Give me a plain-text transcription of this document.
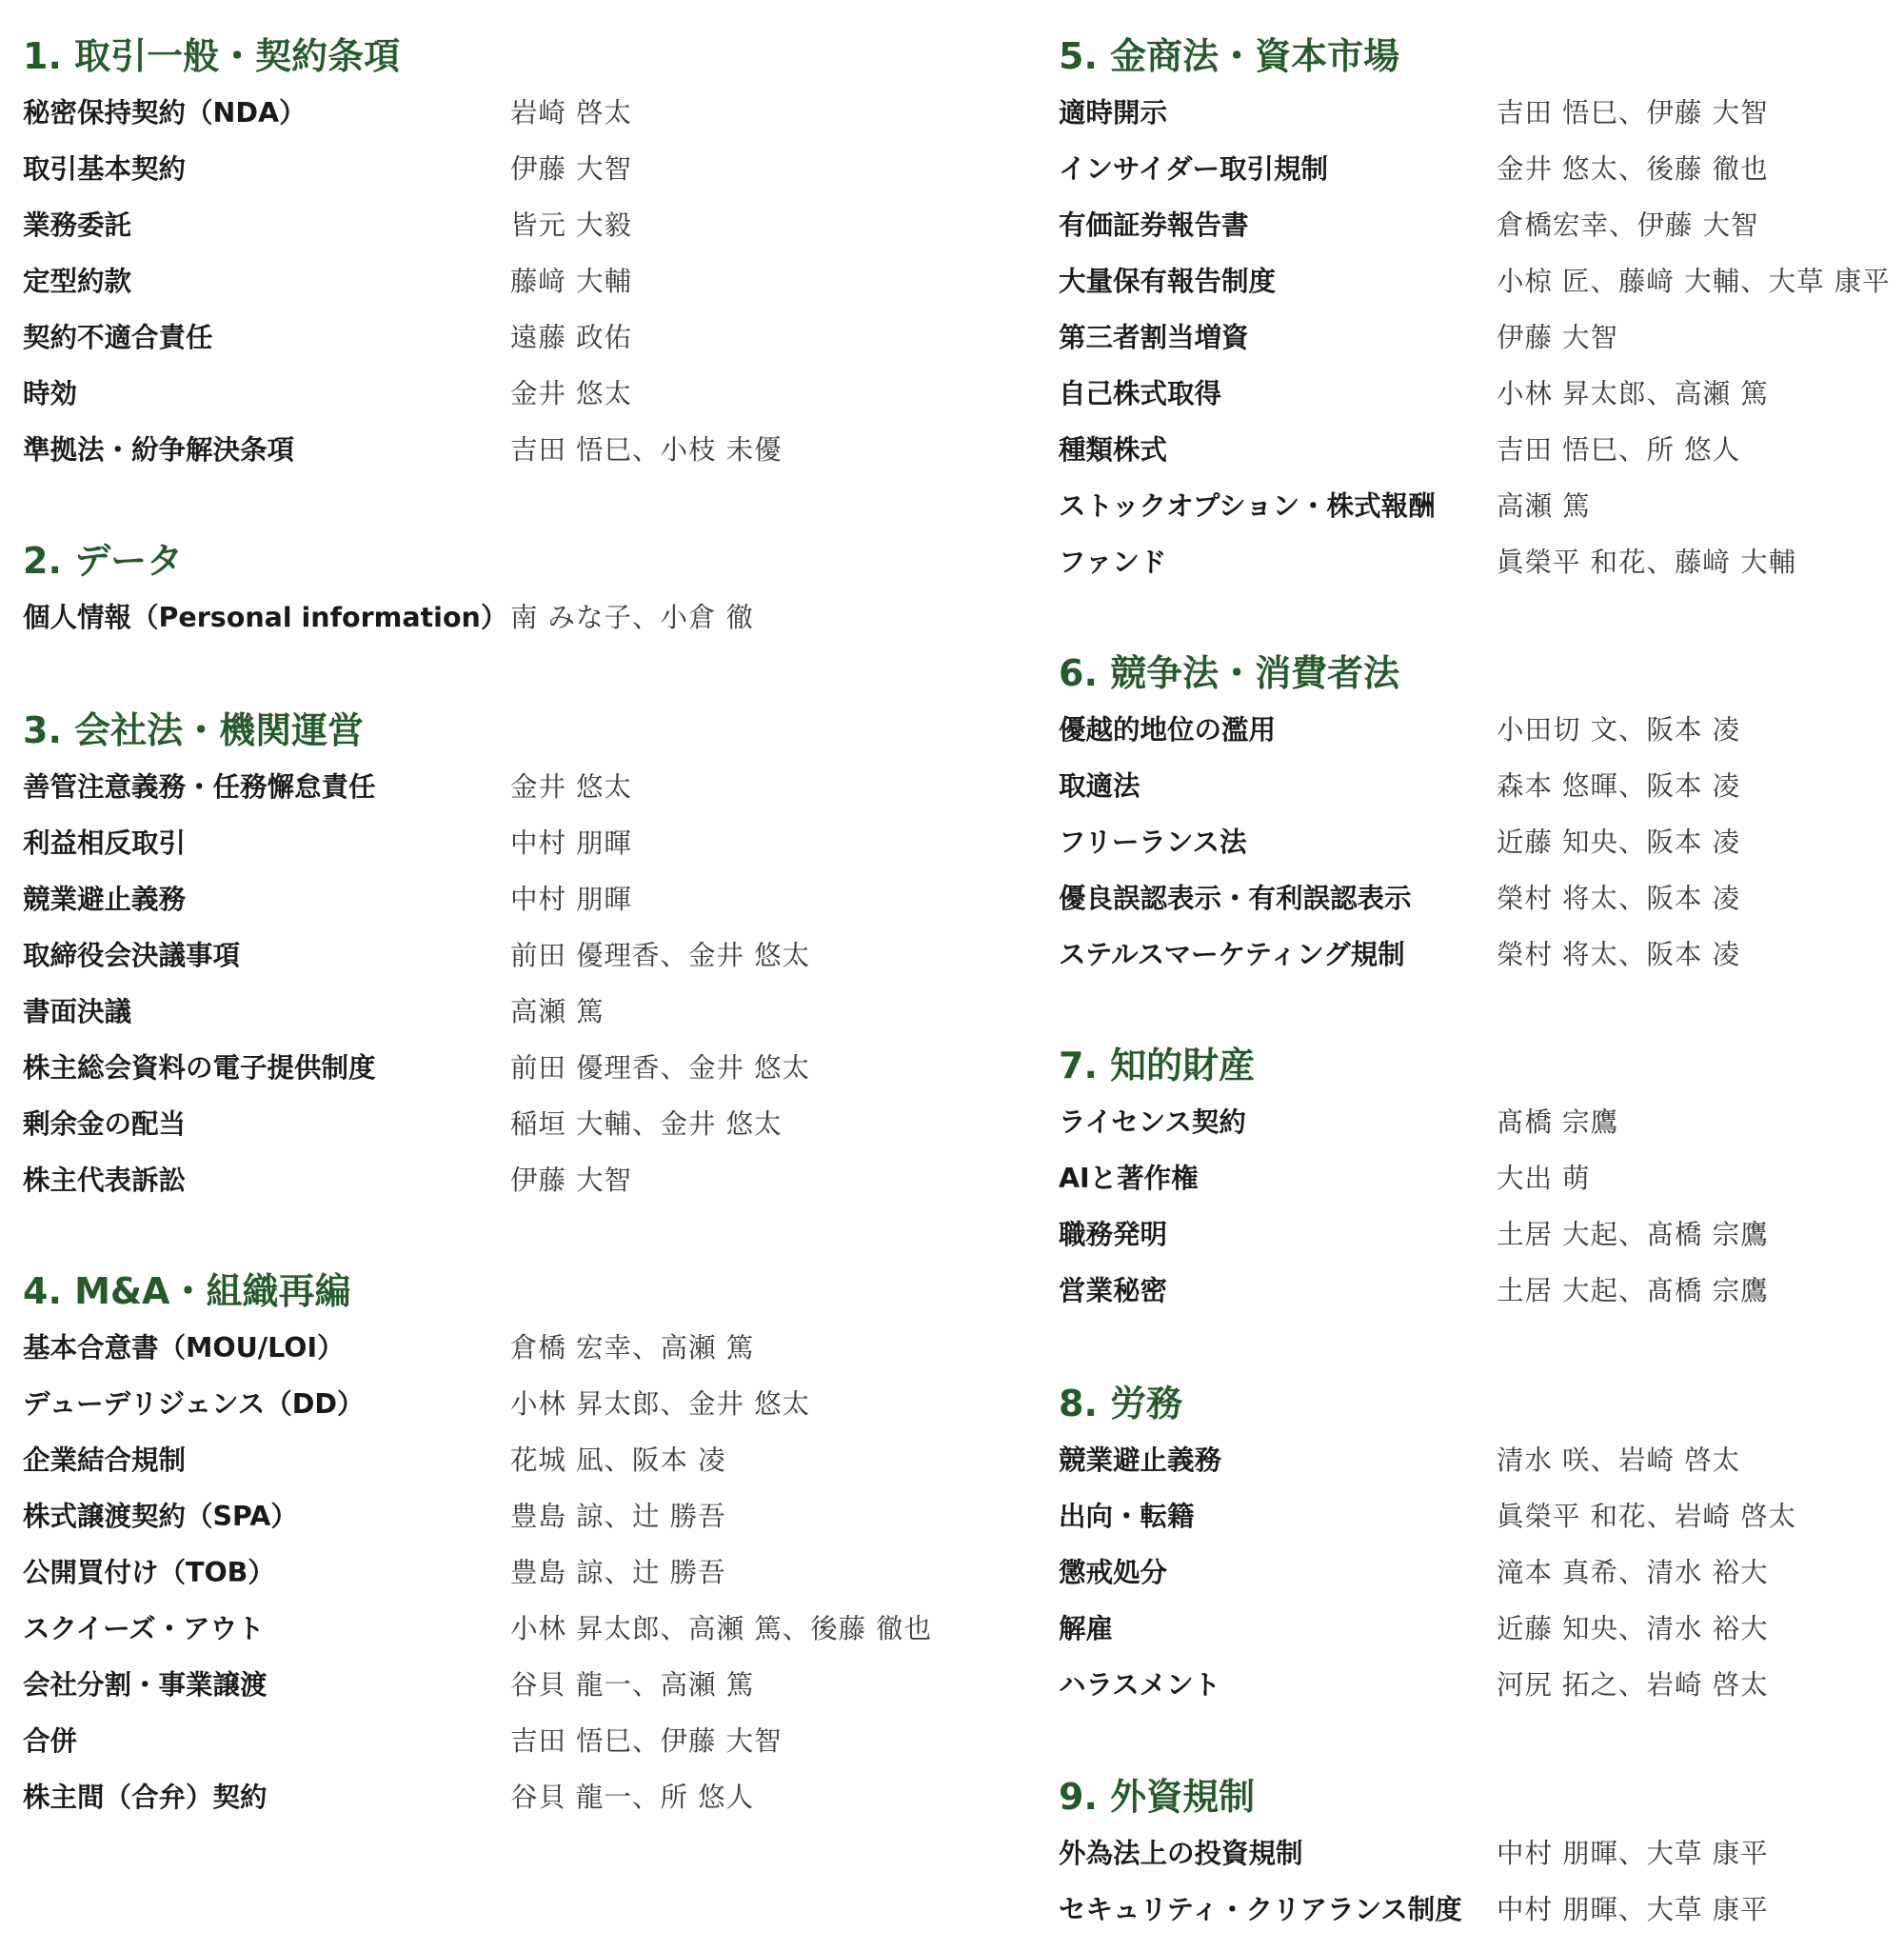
1. 取引一般・契約条項
秘密保持契約（NDA）	岩崎 啓太
取引基本契約	伊藤 大智
業務委託	皆元 大毅
定型約款	藤﨑 大輔
契約不適合責任	遠藤 政佑
時効	金井 悠太
準拠法・紛争解決条項	吉田 悟巳、小枝 未優
2. データ
個人情報（Personal information） 南 みな子、小倉 徹
3. 会社法・機関運営
善管注意義務・任務懈怠責任	金井 悠太
利益相反取引	中村 朋暉
競業避止義務	中村 朋暉
取締役会決議事項	前田 優理香、金井 悠太
書面決議	高瀬 篤
株主総会資料の電子提供制度	前田 優理香、金井 悠太
剰余金の配当	稲垣 大輔、金井 悠太
株主代表訴訟	伊藤 大智
4. M&A・組織再編
基本合意書（MOU/LOI）	倉橋 宏幸、高瀬 篤
デューデリジェンス（DD）	小林 昇太郎、金井 悠太
企業結合規制	花城 凪、阪本 凌
株式譲渡契約（SPA）	豊島 諒、辻 勝吾
公開買付け（TOB）	豊島 諒、辻 勝吾
スクイーズ・アウト	小林 昇太郎、高瀬 篤、後藤 徹也
会社分割・事業譲渡	谷貝 龍一、高瀬 篤
合併	吉田 悟巳、伊藤 大智
株主間（合弁）契約	谷貝 龍一、所 悠人
5. 金商法・資本市場
適時開示	吉田 悟巳、伊藤 大智
インサイダー取引規制	金井 悠太、後藤 徹也
有価証券報告書	倉橋宏幸、伊藤 大智
大量保有報告制度	小椋 匠、藤﨑 大輔、大草 康平
第三者割当増資	伊藤 大智
自己株式取得	小林 昇太郎、高瀬 篤
種類株式	吉田 悟巳、所 悠人
ストックオプション・株式報酬	高瀬 篤
ファンド	眞榮平 和花、藤﨑 大輔
6. 競争法・消費者法
優越的地位の濫用	小田切 文、阪本 凌
取適法	森本 悠暉、阪本 凌
フリーランス法	近藤 知央、阪本 凌
優良誤認表示・有利誤認表示	榮村 将太、阪本 凌
ステルスマーケティング規制	榮村 将太、阪本 凌
7. 知的財産
ライセンス契約	髙橋 宗鷹
AIと著作権	大出 萌
職務発明	土居 大起、髙橋 宗鷹
営業秘密	土居 大起、髙橋 宗鷹
8. 労務
競業避止義務	清水 咲、岩崎 啓太
出向・転籍	眞榮平 和花、岩崎 啓太
懲戒処分	滝本 真希、清水 裕大
解雇	近藤 知央、清水 裕大
ハラスメント	河尻 拓之、岩崎 啓太
9. 外資規制
外為法上の投資規制	中村 朋暉、大草 康平
セキュリティ・クリアランス制度	中村 朋暉、大草 康平
